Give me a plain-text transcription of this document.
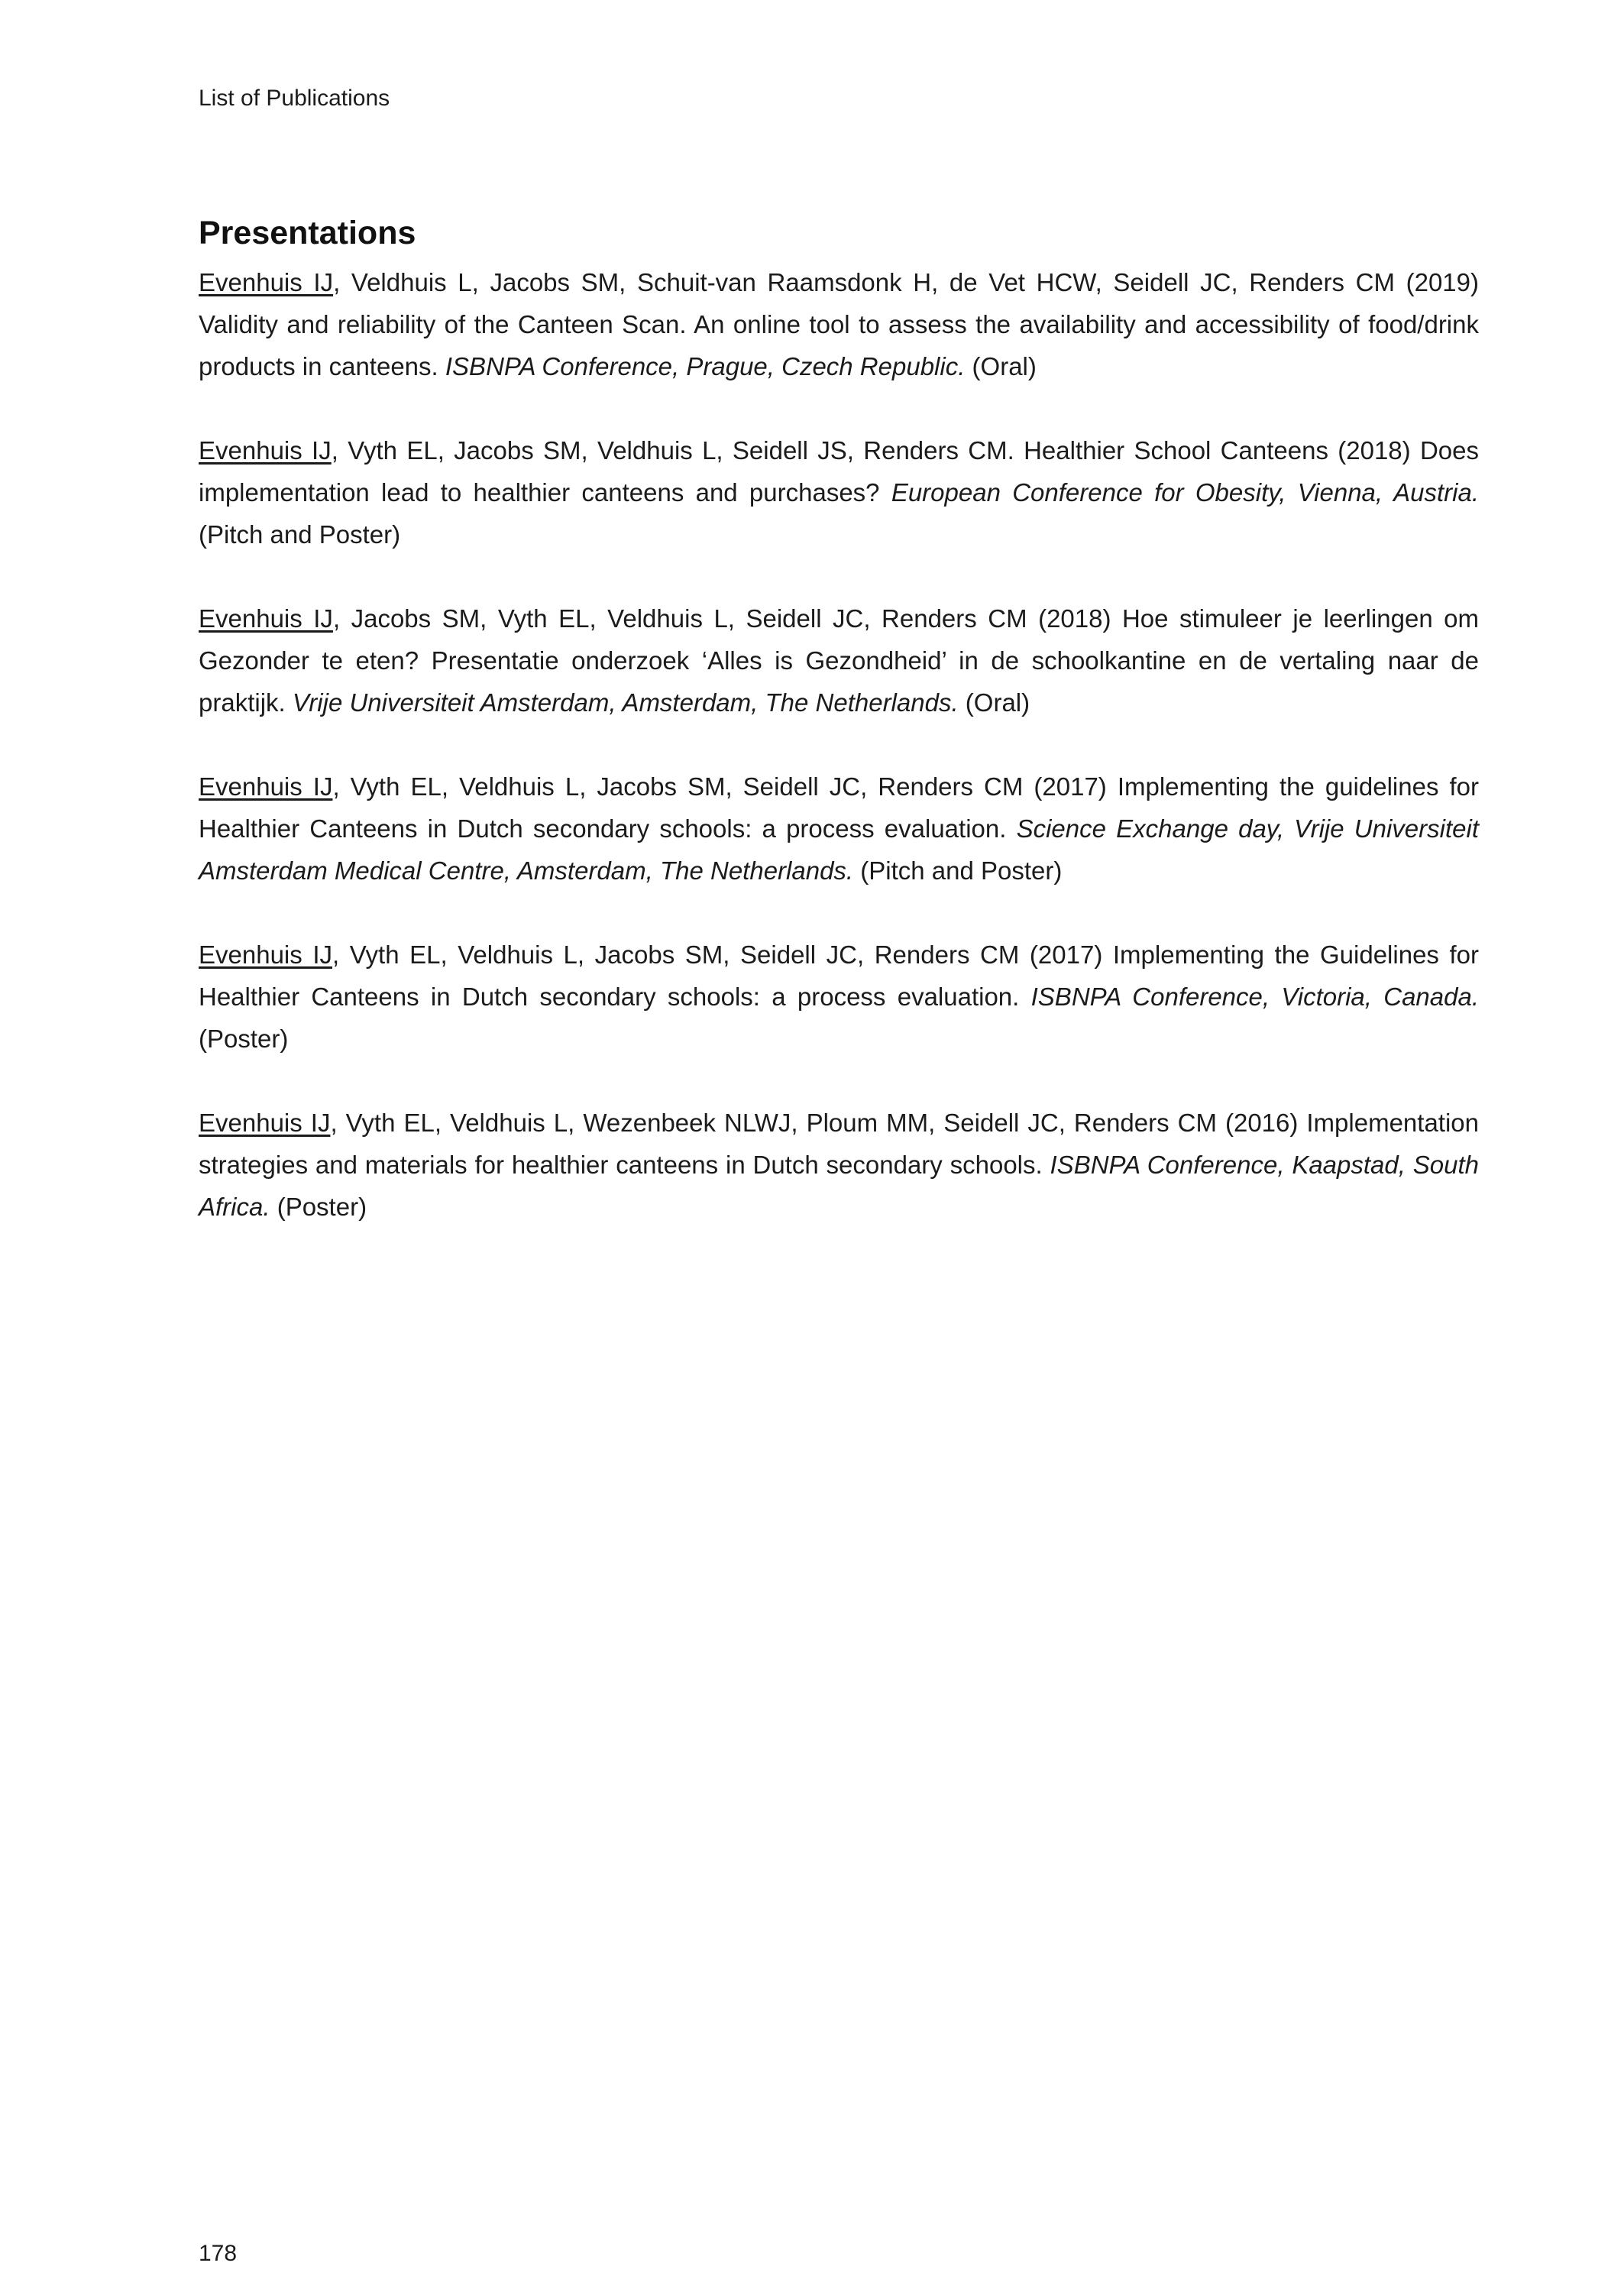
List of Publications
Presentations

Evenhuis IJ, Veldhuis L, Jacobs SM, Schuit-van Raamsdonk H, de Vet HCW, Seidell JC, Renders CM (2019) Validity and reliability of the Canteen Scan. An online tool to assess the availability and accessibility of food/drink products in canteens. ISBNPA Conference, Prague, Czech Republic. (Oral)

Evenhuis IJ, Vyth EL, Jacobs SM, Veldhuis L, Seidell JS, Renders CM. Healthier School Canteens (2018) Does implementation lead to healthier canteens and purchases? European Conference for Obesity, Vienna, Austria. (Pitch and Poster)

Evenhuis IJ, Jacobs SM, Vyth EL, Veldhuis L, Seidell JC, Renders CM (2018) Hoe stimuleer je leerlingen om Gezonder te eten? Presentatie onderzoek ‘Alles is Gezondheid’ in de schoolkantine en de vertaling naar de praktijk. Vrije Universiteit Amsterdam, Amsterdam, The Netherlands. (Oral)

Evenhuis IJ, Vyth EL, Veldhuis L, Jacobs SM, Seidell JC, Renders CM (2017) Implementing the guidelines for Healthier Canteens in Dutch secondary schools: a process evaluation. Science Exchange day, Vrije Universiteit Amsterdam Medical Centre, Amsterdam, The Netherlands. (Pitch and Poster)

Evenhuis IJ, Vyth EL, Veldhuis L, Jacobs SM, Seidell JC, Renders CM (2017) Implementing the Guidelines for Healthier Canteens in Dutch secondary schools: a process evaluation. ISBNPA Conference, Victoria, Canada. (Poster)

Evenhuis IJ, Vyth EL, Veldhuis L, Wezenbeek NLWJ, Ploum MM, Seidell JC, Renders CM (2016) Implementation strategies and materials for healthier canteens in Dutch secondary schools. ISBNPA Conference, Kaapstad, South Africa. (Poster)

178
